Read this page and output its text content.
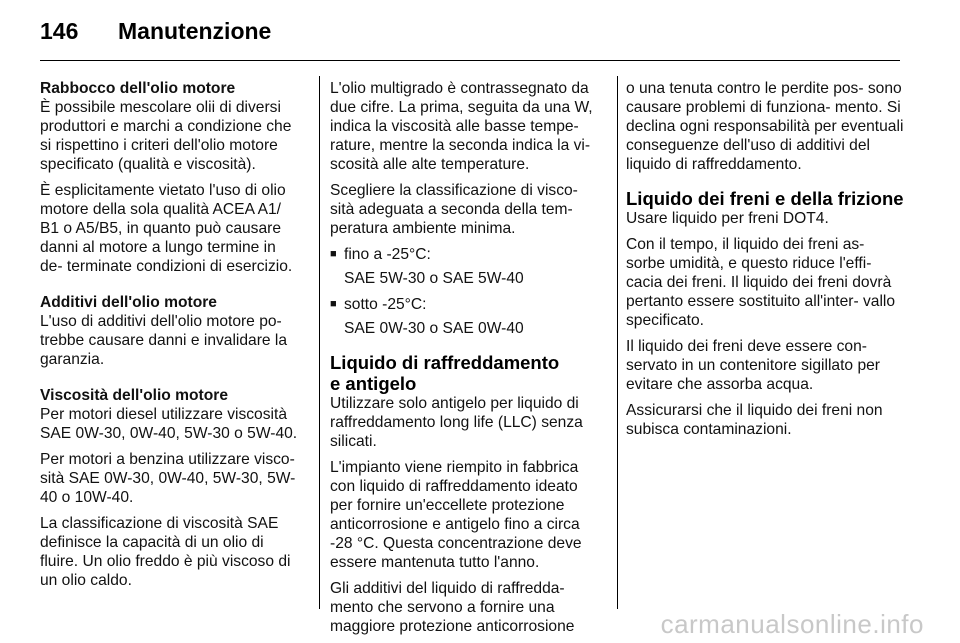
146 Manutenzione

Rabbocco dell'olio motore

È possibile mescolare olii di diversi produttori e marchi a condizione che si rispettino i criteri dell'olio motore specificato (qualità e viscosità).

È esplicitamente vietato l'uso di olio motore della sola qualità ACEA A1/ B1 o A5/B5, in quanto può causare danni al motore a lungo termine in de- terminate condizioni di esercizio.

Additivi dell'olio motore

L'uso di additivi dell'olio motore po- trebbe causare danni e invalidare la garanzia.

Viscosità dell'olio motore

Per motori diesel utilizzare viscosità SAE 0W-30, 0W-40, 5W-30 o 5W-40.

Per motori a benzina utilizzare visco- sità SAE 0W-30, 0W-40, 5W-30, 5W-40 o 10W-40.

La classificazione di viscosità SAE definisce la capacità di un olio di fluire. Un olio freddo è più viscoso di un olio caldo.

L'olio multigrado è contrassegnato da due cifre. La prima, seguita da una W, indica la viscosità alle basse tempe- rature, mentre la seconda indica la vi- scosità alle alte temperature.

Scegliere la classificazione di visco- sità adeguata a seconda della tem- peratura ambiente minima.

■ fino a -25°C:

SAE 5W-30 o SAE 5W-40

■ sotto -25°C:

SAE 0W-30 o SAE 0W-40

Liquido di raffreddamento
e antigelo

Utilizzare solo antigelo per liquido di raffreddamento long life (LLC) senza silicati.

L'impianto viene riempito in fabbrica con liquido di raffreddamento ideato per fornire un'eccellete protezione anticorrosione e antigelo fino a circa -28 °C. Questa concentrazione deve essere mantenuta tutto l'anno.

Gli additivi del liquido di raffredda- mento che servono a fornire una maggiore protezione anticorrosione

o una tenuta contro le perdite pos- sono causare problemi di funziona- mento. Si declina ogni responsabilità per eventuali conseguenze dell'uso di additivi del liquido di raffreddamento.

Liquido dei freni e della frizione

Usare liquido per freni DOT4.

Con il tempo, il liquido dei freni as- sorbe umidità, e questo riduce l'effi- cacia dei freni. Il liquido dei freni dovrà pertanto essere sostituito all'inter- vallo specificato.

Il liquido dei freni deve essere con- servato in un contenitore sigillato per evitare che assorba acqua.

Assicurarsi che il liquido dei freni non subisca contaminazioni.

carmanualsonline.info
